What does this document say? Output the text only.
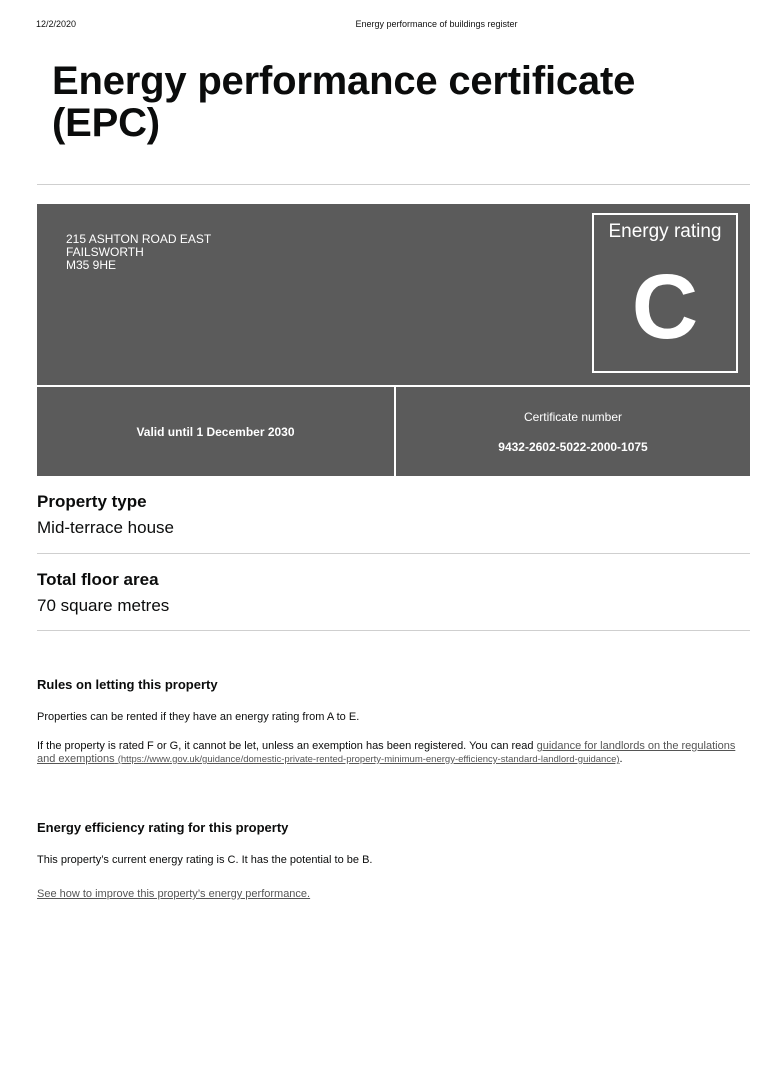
12/2/2020	Energy performance of buildings register
Energy performance certificate (EPC)
215 ASHTON ROAD EAST
FAILSWORTH
M35 9HE
Energy rating
C
Valid until 1 December 2030
Certificate number
9432-2602-5022-2000-1075
Property type

Mid-terrace house

Total floor area

70 square metres

Rules on letting this property

Properties can be rented if they have an energy rating from A to E.

If the property is rated F or G, it cannot be let, unless an exemption has been registered. You can read guidance for landlords on the regulations and exemptions (https://www.gov.uk/guidance/domestic-private-rented-property-minimum-energy-efficiency-standard-landlord-guidance).

Energy efficiency rating for this property

This property’s current energy rating is C. It has the potential to be B.

See how to improve this property’s energy performance.
